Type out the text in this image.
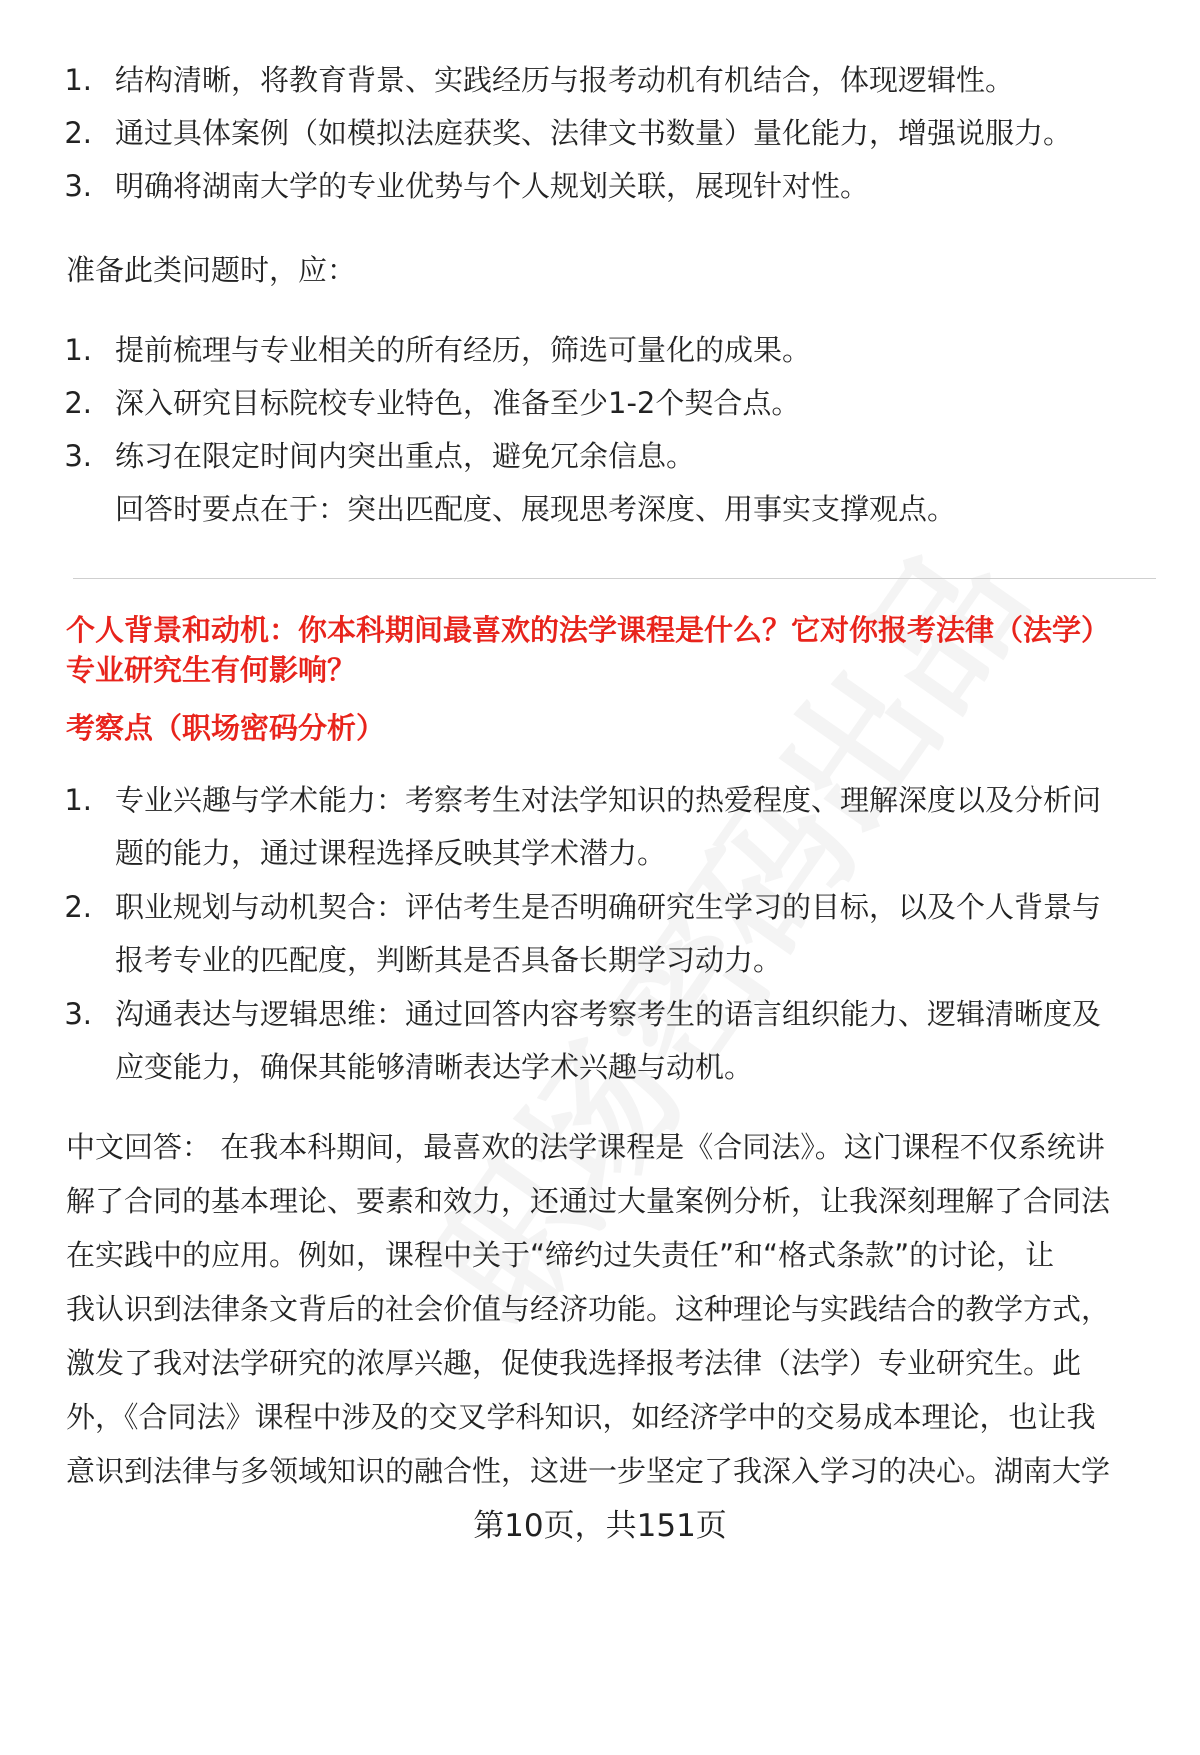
1. 结构清晰，将教育背景、实践经历与报考动机有机结合，体现逻辑性。
2. 通过具体案例（如模拟法庭获奖、法律文书数量）量化能力，增强说服力。
3. 明确将湖南大学的专业优势与个人规划关联，展现针对性。
准备此类问题时，应：
1. 提前梳理与专业相关的所有经历，筛选可量化的成果。
2. 深入研究目标院校专业特色，准备至少1-2个契合点。
3. 练习在限定时间内突出重点，避免冗余信息。
回答时要点在于：突出匹配度、展现思考深度、用事实支撑观点。
个人背景和动机：你本科期间最喜欢的法学课程是什么？它对你报考法律（法学）
专业研究生有何影响？
考察点（职场密码分析）
1. 专业兴趣与学术能力：考察考生对法学知识的热爱程度、理解深度以及分析问
题的能力，通过课程选择反映其学术潜力。
2. 职业规划与动机契合：评估考生是否明确研究生学习的目标，以及个人背景与
报考专业的匹配度，判断其是否具备长期学习动力。
3. 沟通表达与逻辑思维：通过回答内容考察考生的语言组织能力、逻辑清晰度及
应变能力，确保其能够清晰表达学术兴趣与动机。
中文回答： 在我本科期间，最喜欢的法学课程是《合同法》。这门课程不仅系统讲
解了合同的基本理论、要素和效力，还通过大量案例分析，让我深刻理解了合同法
在实践中的应用。例如，课程中关于“缔约过失责任”和“格式条款”的讨论，让
我认识到法律条文背后的社会价值与经济功能。这种理论与实践结合的教学方式，
激发了我对法学研究的浓厚兴趣，促使我选择报考法律（法学）专业研究生。此
外，《合同法》课程中涉及的交叉学科知识，如经济学中的交易成本理论，也让我
意识到法律与多领域知识的融合性，这进一步坚定了我深入学习的决心。湖南大学
第10页，共151页
